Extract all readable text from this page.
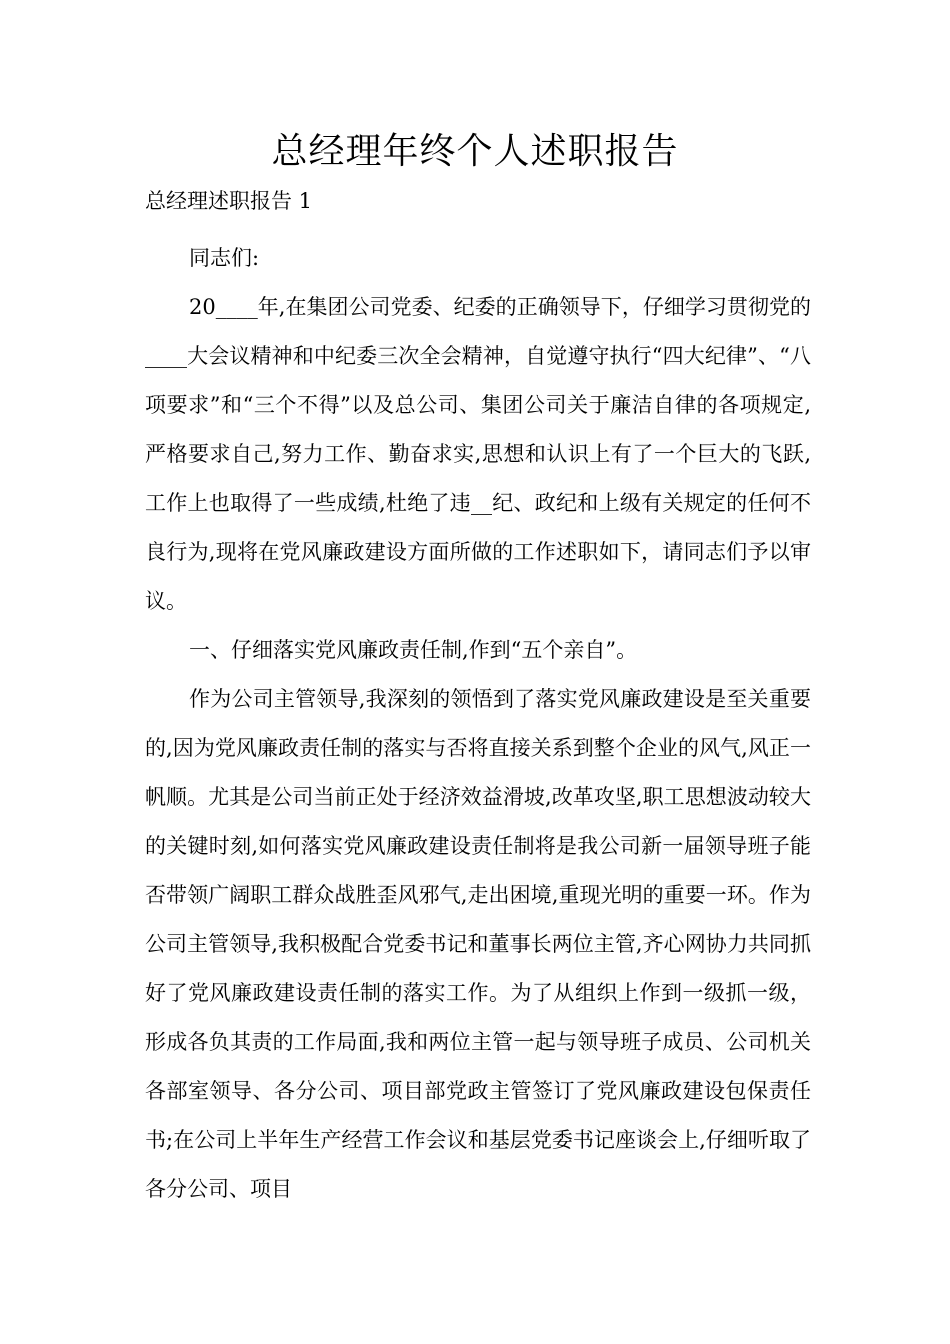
总经理年终个人述职报告

总经理述职报告 1

同志们:

20____年,在集团公司党委、纪委的正确领导下，仔细学习贯彻党的____大会议精神和中纪委三次全会精神，自觉遵守执行“四大纪律”、“八项要求”和“三个不得”以及总公司、集团公司关于廉洁自律的各项规定,严格要求自己,努力工作、勤奋求实,思想和认识上有了一个巨大的飞跃,工作上也取得了一些成绩,杜绝了违__纪、政纪和上级有关规定的任何不良行为,现将在党风廉政建设方面所做的工作述职如下，请同志们予以审议。

一、仔细落实党风廉政责任制,作到“五个亲自”。

作为公司主管领导,我深刻的领悟到了落实党风廉政建设是至关重要的,因为党风廉政责任制的落实与否将直接关系到整个企业的风气,风正一帆顺。尤其是公司当前正处于经济效益滑坡,改革攻坚,职工思想波动较大的关键时刻,如何落实党风廉政建设责任制将是我公司新一届领导班子能否带领广阔职工群众战胜歪风邪气,走出困境,重现光明的重要一环。作为公司主管领导,我积极配合党委书记和董事长两位主管,齐心网协力共同抓好了党风廉政建设责任制的落实工作。为了从组织上作到一级抓一级，形成各负其责的工作局面,我和两位主管一起与领导班子成员、公司机关各部室领导、各分公司、项目部党政主管签订了党风廉政建设包保责任书;在公司上半年生产经营工作会议和基层党委书记座谈会上,仔细听取了各分公司、项目
